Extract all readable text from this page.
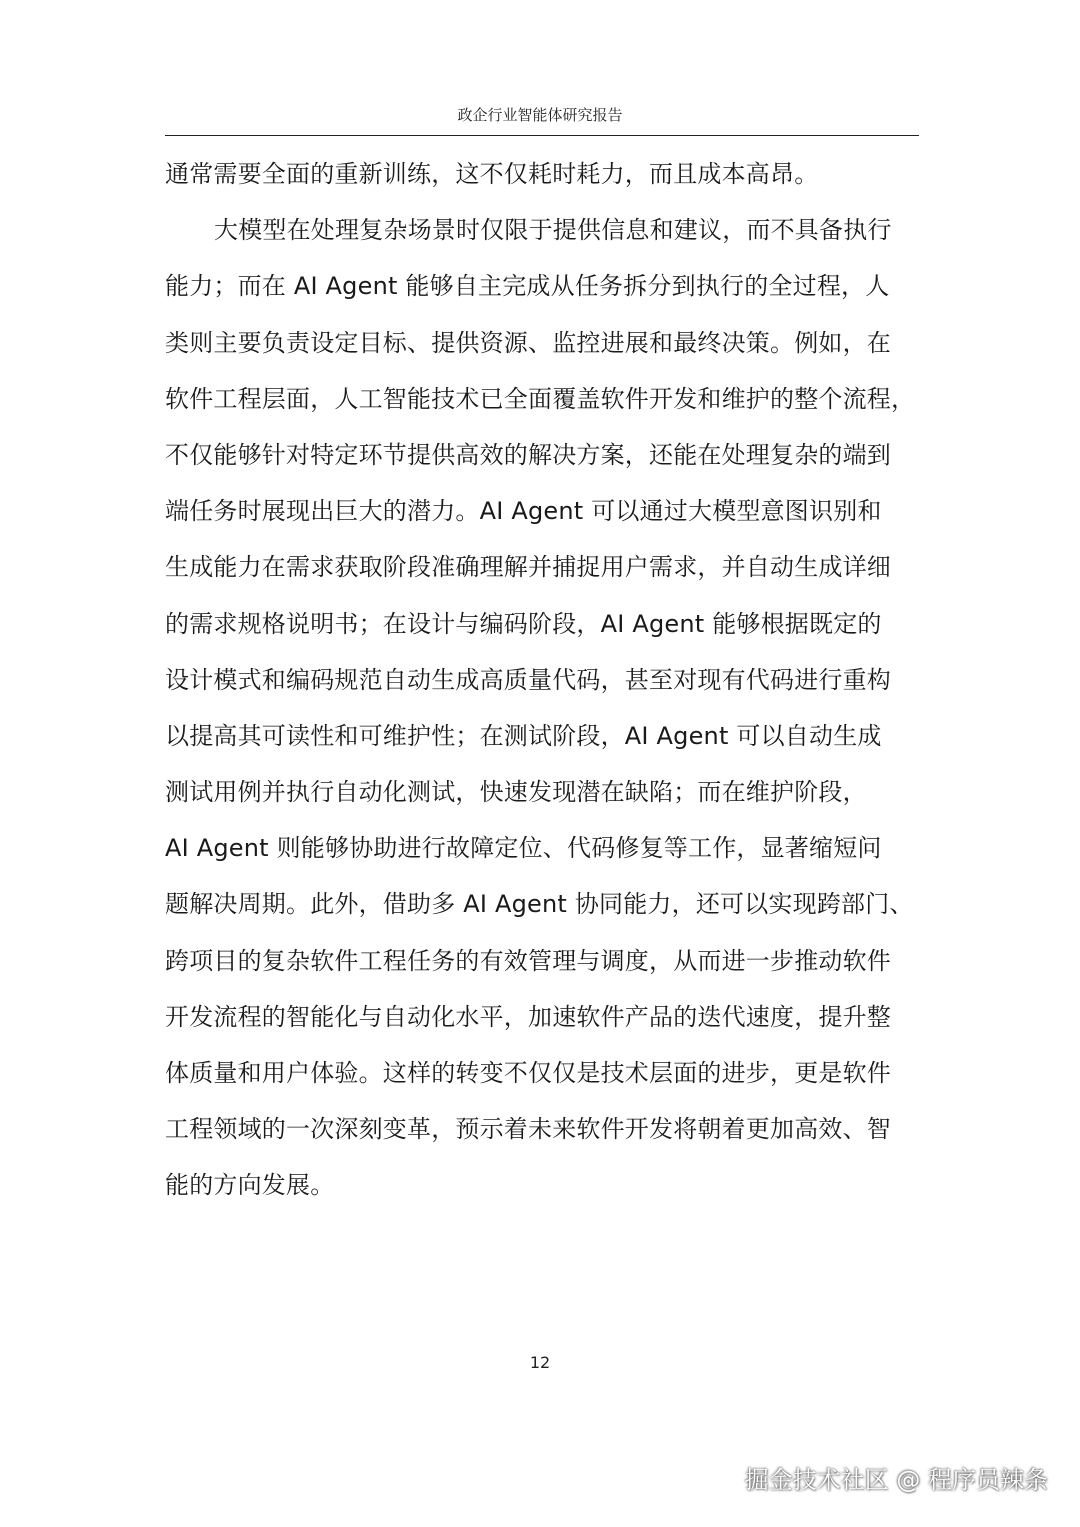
政企行业智能体研究报告
通常需要全面的重新训练，这不仅耗时耗力，而且成本高昂。
大模型在处理复杂场景时仅限于提供信息和建议，而不具备执行
能力；而在 AI Agent 能够自主完成从任务拆分到执行的全过程，人
类则主要负责设定目标、提供资源、监控进展和最终决策。例如，在
软件工程层面，人工智能技术已全面覆盖软件开发和维护的整个流程，
不仅能够针对特定环节提供高效的解决方案，还能在处理复杂的端到
端任务时展现出巨大的潜力。AI Agent 可以通过大模型意图识别和
生成能力在需求获取阶段准确理解并捕捉用户需求，并自动生成详细
的需求规格说明书；在设计与编码阶段，AI Agent 能够根据既定的
设计模式和编码规范自动生成高质量代码，甚至对现有代码进行重构
以提高其可读性和可维护性；在测试阶段，AI Agent 可以自动生成
测试用例并执行自动化测试，快速发现潜在缺陷；而在维护阶段，
AI Agent 则能够协助进行故障定位、代码修复等工作，显著缩短问
题解决周期。此外，借助多 AI Agent 协同能力，还可以实现跨部门、
跨项目的复杂软件工程任务的有效管理与调度，从而进一步推动软件
开发流程的智能化与自动化水平，加速软件产品的迭代速度，提升整
体质量和用户体验。这样的转变不仅仅是技术层面的进步，更是软件
工程领域的一次深刻变革，预示着未来软件开发将朝着更加高效、智
能的方向发展。
12
掘金技术社区 @ 程序员辣条
